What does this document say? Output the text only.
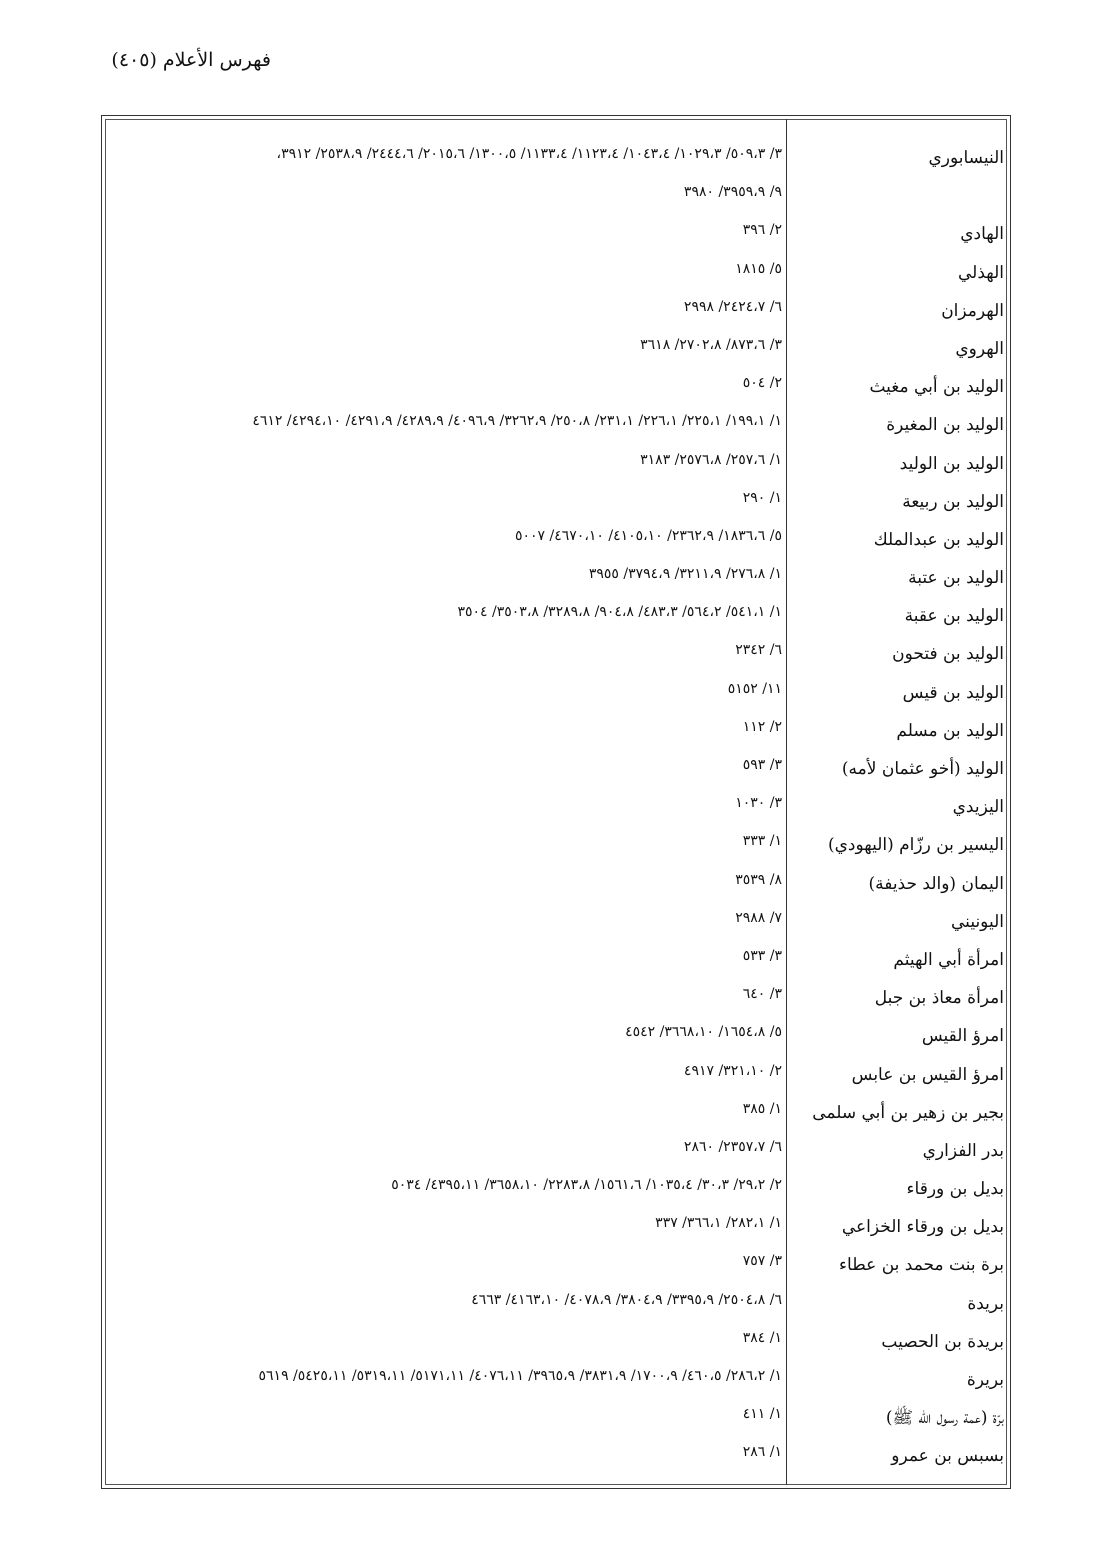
فهرس الأعلام (٤٠٥)
النيسابوري
٣/ ٥٠٩،٣/ ١٠٢٩،٣/ ١٠٤٣،٤/ ١١٢٣،٤/ ١١٣٣،٤/ ١٣٠٠،٥/ ٢٠١٥،٦/ ٢٤٤٤،٦/ ٢٥٣٨،٩/ ٣٩١٢،
٩/ ٣٩٥٩،٩/ ٣٩٨٠
الهادي
٢/ ٣٩٦
الهذلي
٥/ ١٨١٥
الهرمزان
٦/ ٢٤٢٤،٧/ ٢٩٩٨
الهروي
٣/ ٨٧٣،٦/ ٢٧٠٢،٨/ ٣٦١٨
الوليد بن أبي مغيث
٢/ ٥٠٤
الوليد بن المغيرة
١/ ١٩٩،١/ ٢٢٥،١/ ٢٢٦،١/ ٢٣١،١/ ٢٥٠،٨/ ٣٢٦٢،٩/ ٤٠٩٦،٩/ ٤٢٨٩،٩/ ٤٢٩١،٩/ ٤٢٩٤،١٠/ ٤٦١٢
الوليد بن الوليد
١/ ٢٥٧،٦/ ٢٥٧٦،٨/ ٣١٨٣
الوليد بن ربيعة
١/ ٢٩٠
الوليد بن عبدالملك
٥/ ١٨٣٦،٦/ ٢٣٦٢،٩/ ٤١٠٥،١٠/ ٤٦٧٠،١٠/ ٥٠٠٧
الوليد بن عتبة
١/ ٢٧٦،٨/ ٣٢١١،٩/ ٣٧٩٤،٩/ ٣٩٥٥
الوليد بن عقبة
١/ ٥٤١،١/ ٥٦٤،٢/ ٤٨٣،٣/ ٩٠٤،٨/ ٣٢٨٩،٨/ ٣٥٠٣،٨/ ٣٥٠٤
الوليد بن فتحون
٦/ ٢٣٤٢
الوليد بن قيس
١١/ ٥١٥٢
الوليد بن مسلم
٢/ ١١٢
الوليد (أخو عثمان لأمه)
٣/ ٥٩٣
اليزيدي
٣/ ١٠٣٠
اليسير بن رزّام (اليهودي)
١/ ٣٣٣
اليمان (والد حذيفة)
٨/ ٣٥٣٩
اليونيني
٧/ ٢٩٨٨
امرأة أبي الهيثم
٣/ ٥٣٣
امرأة معاذ بن جبل
٣/ ٦٤٠
امرؤ القيس
٥/ ١٦٥٤،٨/ ٣٦٦٨،١٠/ ٤٥٤٢
امرؤ القيس بن عابس
٢/ ٣٢١،١٠/ ٤٩١٧
بجير بن زهير بن أبي سلمى
١/ ٣٨٥
بدر الفزاري
٦/ ٢٣٥٧،٧/ ٢٨٦٠
بديل بن ورقاء
٢/ ٢٩،٢/ ٣٠،٣/ ١٠٣٥،٤/ ١٥٦١،٦/ ٢٢٨٣،٨/ ٣٦٥٨،١٠/ ٤٣٩٥،١١/ ٥٠٣٤
بديل بن ورقاء الخزاعي
١/ ٢٨٢،١/ ٣٦٦،١/ ٣٣٧
برة بنت محمد بن عطاء
٣/ ٧٥٧
بريدة
٦/ ٢٥٠٤،٨/ ٣٣٩٥،٩/ ٣٨٠٤،٩/ ٤٠٧٨،٩/ ٤١٦٣،١٠/ ٤٦٦٣
بريدة بن الحصيب
١/ ٣٨٤
بريرة
١/ ٢٨٦،٢/ ٤٦٠،٥/ ١٧٠٠،٩/ ٣٨٣١،٩/ ٣٩٦٥،٩/ ٤٠٧٦،١١/ ٥١٧١،١١/ ٥٣١٩،١١/ ٥٤٢٥،١١/ ٥٦١٩
برّة (عمة رسول الله ﷺ)
١/ ٤١١
بسبس بن عمرو
١/ ٢٨٦
